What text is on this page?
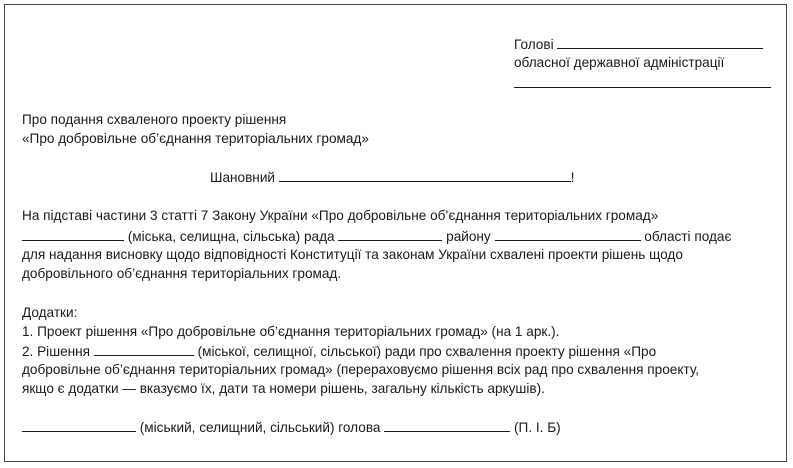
Голові
обласної державної адміністрації
Про подання схваленого проекту рішення
«Про добровільне об’єднання територіальних громад»
Шановний	!
На підставі частини 3 статті 7 Закону України «Про добровільне об’єднання територіальних громад»
(міська, селищна, сільська) рада	району	області подає
для надання висновку щодо відповідності Конституції та законам України схвалені проекти рішень щодо
добровільного об’єднання територіальних громад.
Додатки:
1. Проект рішення «Про добровільне об’єднання територіальних громад» (на 1 арк.).
2. Рішення	(міської, селищної, сільської) ради про схвалення проекту рішення «Про
добровільне об’єднання територіальних громад» (перераховуємо рішення всіх рад про схвалення проекту,
якщо є додатки — вказуємо їх, дати та номери рішень, загальну кількість аркушів).
(міський, селищний, сільський) голова	(П. І. Б)
